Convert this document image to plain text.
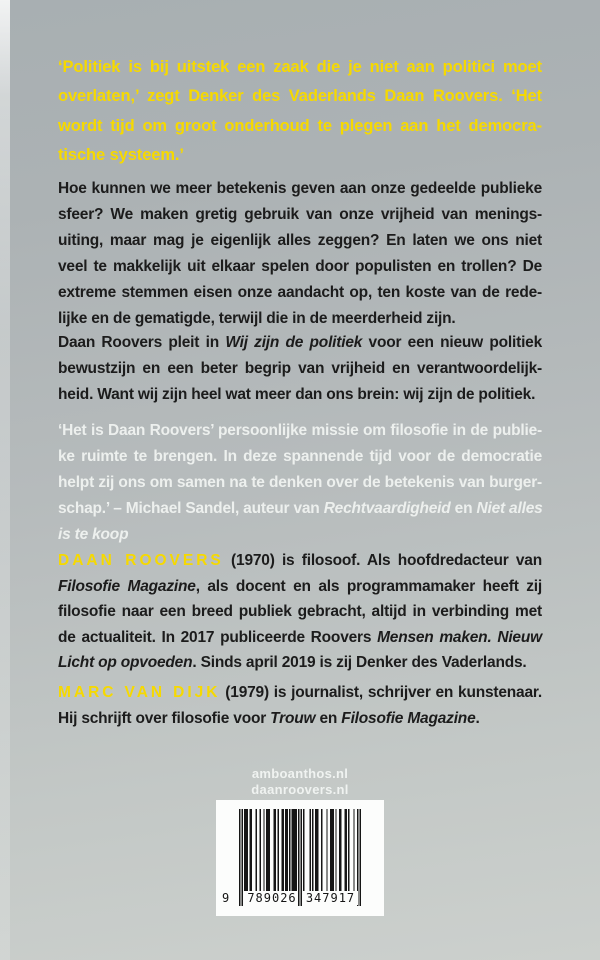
‘Politiek is bij uitstek een zaak die je niet aan politici moet
overlaten,’ zegt Denker des Vaderlands Daan Roovers. ‘Het
wordt tijd om groot onderhoud te plegen aan het democra-
tische systeem.’
Hoe kunnen we meer betekenis geven aan onze gedeelde publieke
sfeer? We maken gretig gebruik van onze vrijheid van menings-
uiting, maar mag je eigenlijk alles zeggen? En laten we ons niet
veel te makkelijk uit elkaar spelen door populisten en trollen? De
extreme stemmen eisen onze aandacht op, ten koste van de rede-
lijke en de gematigde, terwijl die in de meerderheid zijn.
Daan Roovers pleit in Wij zijn de politiek voor een nieuw politiek
bewustzijn en een beter begrip van vrijheid en verantwoordelijk-
heid. Want wij zijn heel wat meer dan ons brein: wij zijn de politiek.
‘Het is Daan Roovers’ persoonlijke missie om filosofie in de publie-
ke ruimte te brengen. In deze spannende tijd voor de democratie
helpt zij ons om samen na te denken over de betekenis van burger-
schap.’ – Michael Sandel, auteur van Rechtvaardigheid en Niet alles
is te koop
DAAN ROOVERS (1970) is filosoof. Als hoofdredacteur van
Filosofie Magazine, als docent en als programmamaker heeft zij
filosofie naar een breed publiek gebracht, altijd in verbinding met
de actualiteit. In 2017 publiceerde Roovers Mensen maken. Nieuw
Licht op opvoeden. Sinds april 2019 is zij Denker des Vaderlands.
MARC VAN DIJK (1979) is journalist, schrijver en kunstenaar.
Hij schrijft over filosofie voor Trouw en Filosofie Magazine.
amboanthos.nl
daanroovers.nl
9 789026 347917
